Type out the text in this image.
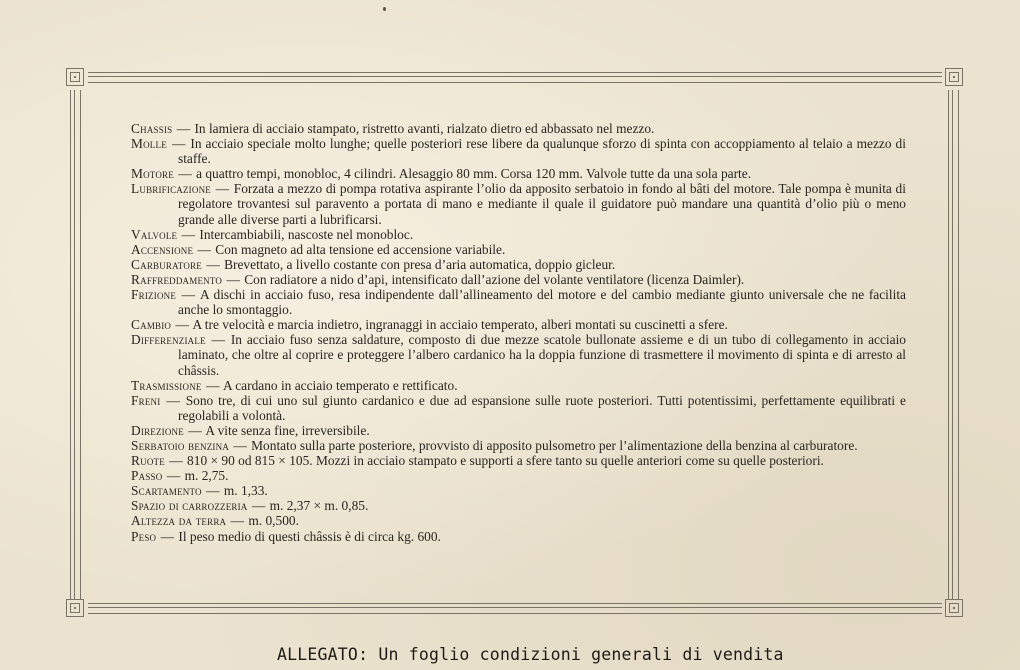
Chassis — In lamiera di acciaio stampato, ristretto avanti, rialzato dietro ed abbassato nel mezzo.
Molle — In acciaio speciale molto lunghe; quelle posteriori rese libere da qualunque sforzo di spinta con accoppiamento al telaio a mezzo di staffe.
Motore — a quattro tempi, monobloc, 4 cilindri. Alesaggio 80 mm. Corsa 120 mm. Valvole tutte da una sola parte.
Lubrificazione — Forzata a mezzo di pompa rotativa aspirante l’olio da apposito serbatoio in fondo al bâti del motore. Tale pompa è munita di regolatore trovantesi sul paravento a portata di mano e mediante il quale il guidatore può mandare una quantità d’olio più o meno grande alle diverse parti a lubrificarsi.
Valvole — Intercambiabili, nascoste nel monobloc.
Accensione — Con magneto ad alta tensione ed accensione variabile.
Carburatore — Brevettato, a livello costante con presa d’aria automatica, doppio gicleur.
Raffreddamento — Con radiatore a nido d’api, intensificato dall’azione del volante ventilatore (licenza Daimler).
Frizione — A dischi in acciaio fuso, resa indipendente dall’allineamento del motore e del cambio mediante giunto universale che ne facilita anche lo smontaggio.
Cambio — A tre velocità e marcia indietro, ingranaggi in acciaio temperato, alberi montati su cuscinetti a sfere.
Differenziale — In acciaio fuso senza saldature, composto di due mezze scatole bullonate assieme e di un tubo di collegamento in acciaio laminato, che oltre al coprire e proteggere l’albero cardanico ha la doppia funzione di trasmettere il movimento di spinta e di arresto al châssis.
Trasmissione — A cardano in acciaio temperato e rettificato.
Freni — Sono tre, di cui uno sul giunto cardanico e due ad espansione sulle ruote posteriori. Tutti potentissimi, perfettamente equilibrati e regolabili a volontà.
Direzione — A vite senza fine, irreversibile.
Serbatoio benzina — Montato sulla parte posteriore, provvisto di apposito pulsometro per l’alimentazione della benzina al carburatore.
Ruote — 810 × 90 od 815 × 105. Mozzi in acciaio stampato e supporti a sfere tanto su quelle anteriori come su quelle posteriori.
Passo — m. 2,75.
Scartamento — m. 1,33.
Spazio di carrozzeria — m. 2,37 × m. 0,85.
Altezza da terra — m. 0,500.
Peso — Il peso medio di questi châssis è di circa kg. 600.
ALLEGATO: Un foglio condizioni generali di vendita
